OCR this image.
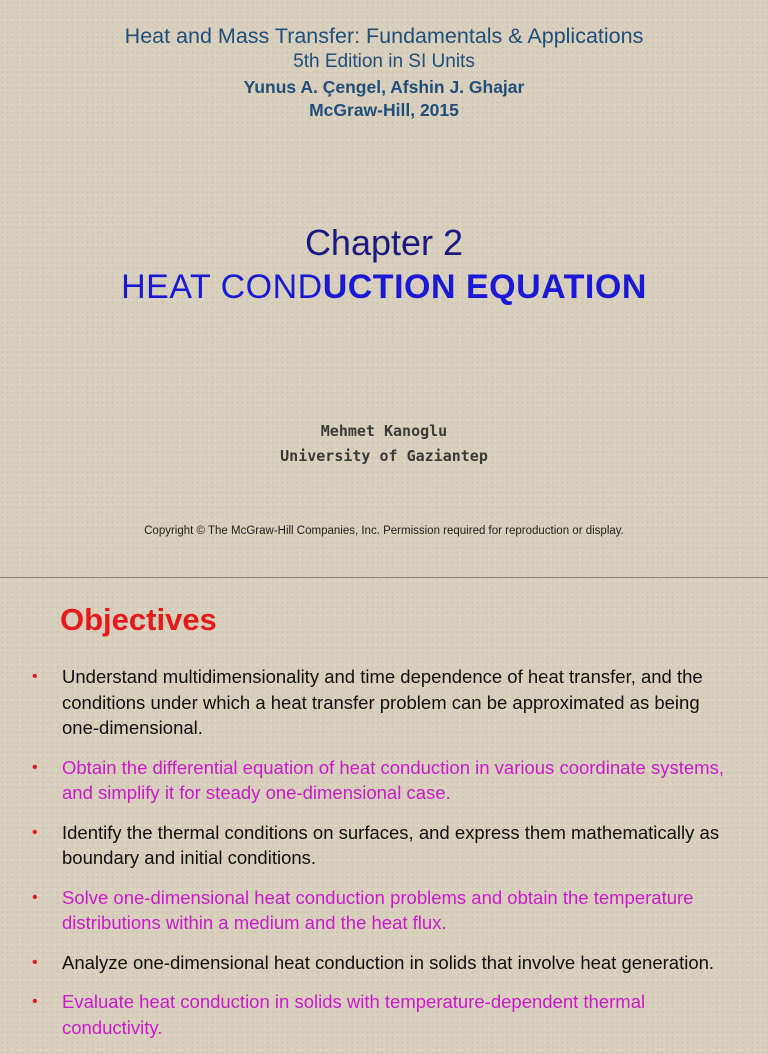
Heat and Mass Transfer: Fundamentals & Applications
5th Edition in SI Units
Yunus A. Çengel, Afshin J. Ghajar
McGraw-Hill, 2015
Chapter 2
HEAT CONDUCTION EQUATION
Mehmet Kanoglu
University of Gaziantep
Copyright © The McGraw-Hill Companies, Inc. Permission required for reproduction or display.
Objectives
• Understand multidimensionality and time dependence of heat transfer, and the conditions under which a heat transfer problem can be approximated as being one-dimensional.
• Obtain the differential equation of heat conduction in various coordinate systems, and simplify it for steady one-dimensional case.
• Identify the thermal conditions on surfaces, and express them mathematically as boundary and initial conditions.
• Solve one-dimensional heat conduction problems and obtain the temperature distributions within a medium and the heat flux.
• Analyze one-dimensional heat conduction in solids that involve heat generation.
• Evaluate heat conduction in solids with temperature-dependent thermal conductivity.
